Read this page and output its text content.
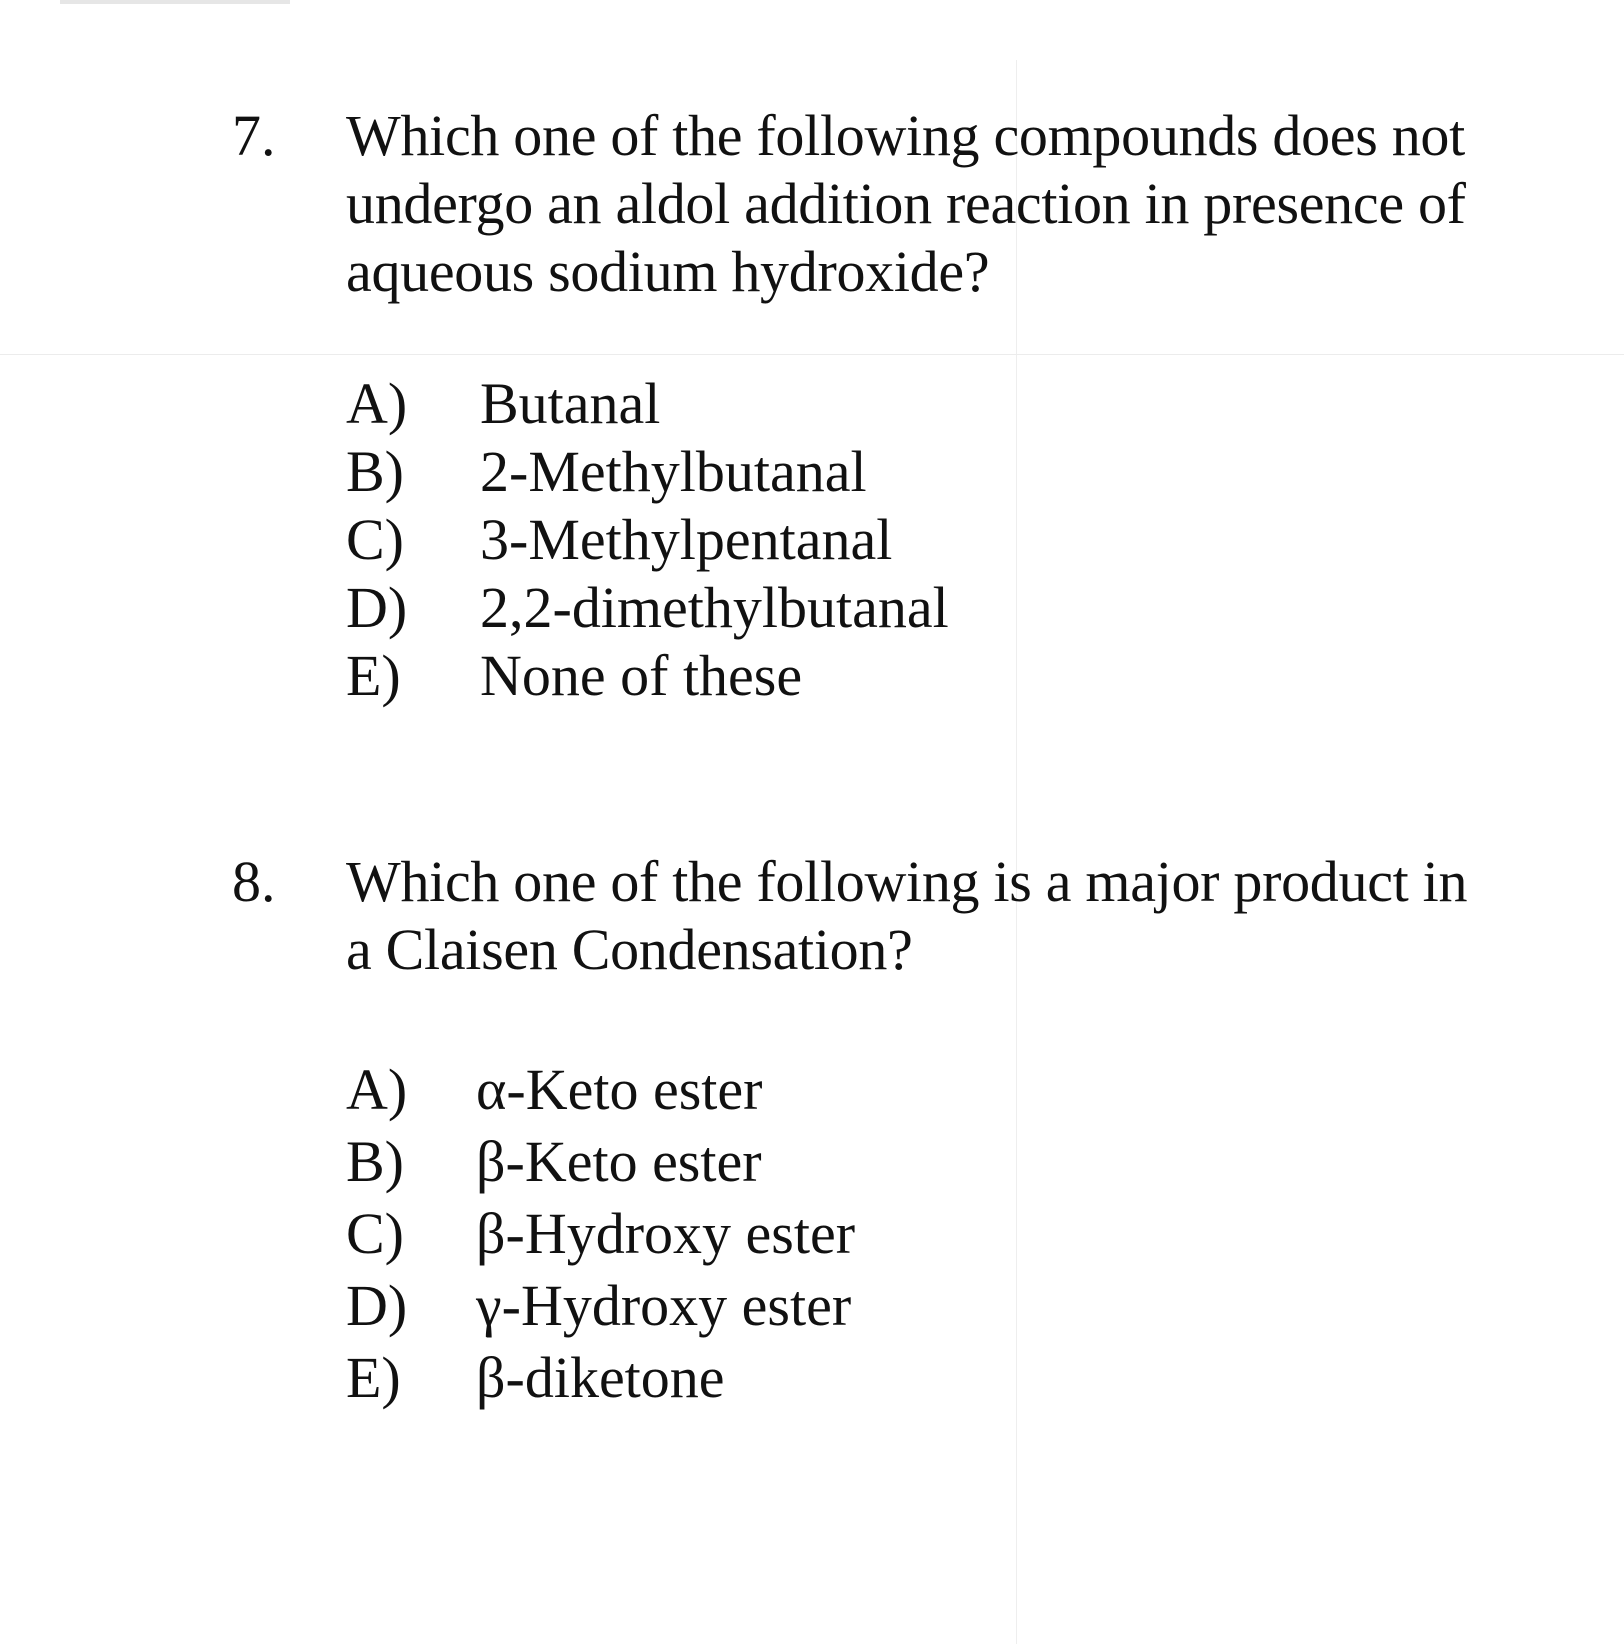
7. Which one of the following compounds does not
undergo an aldol addition reaction in presence of
aqueous sodium hydroxide?
A) Butanal
B) 2-Methylbutanal
C) 3-Methylpentanal
D) 2,2-dimethylbutanal
E) None of these
8. Which one of the following is a major product in
a Claisen Condensation?
A) α-Keto ester
B) β-Keto ester
C) β-Hydroxy ester
D) γ-Hydroxy ester
E) β-diketone
